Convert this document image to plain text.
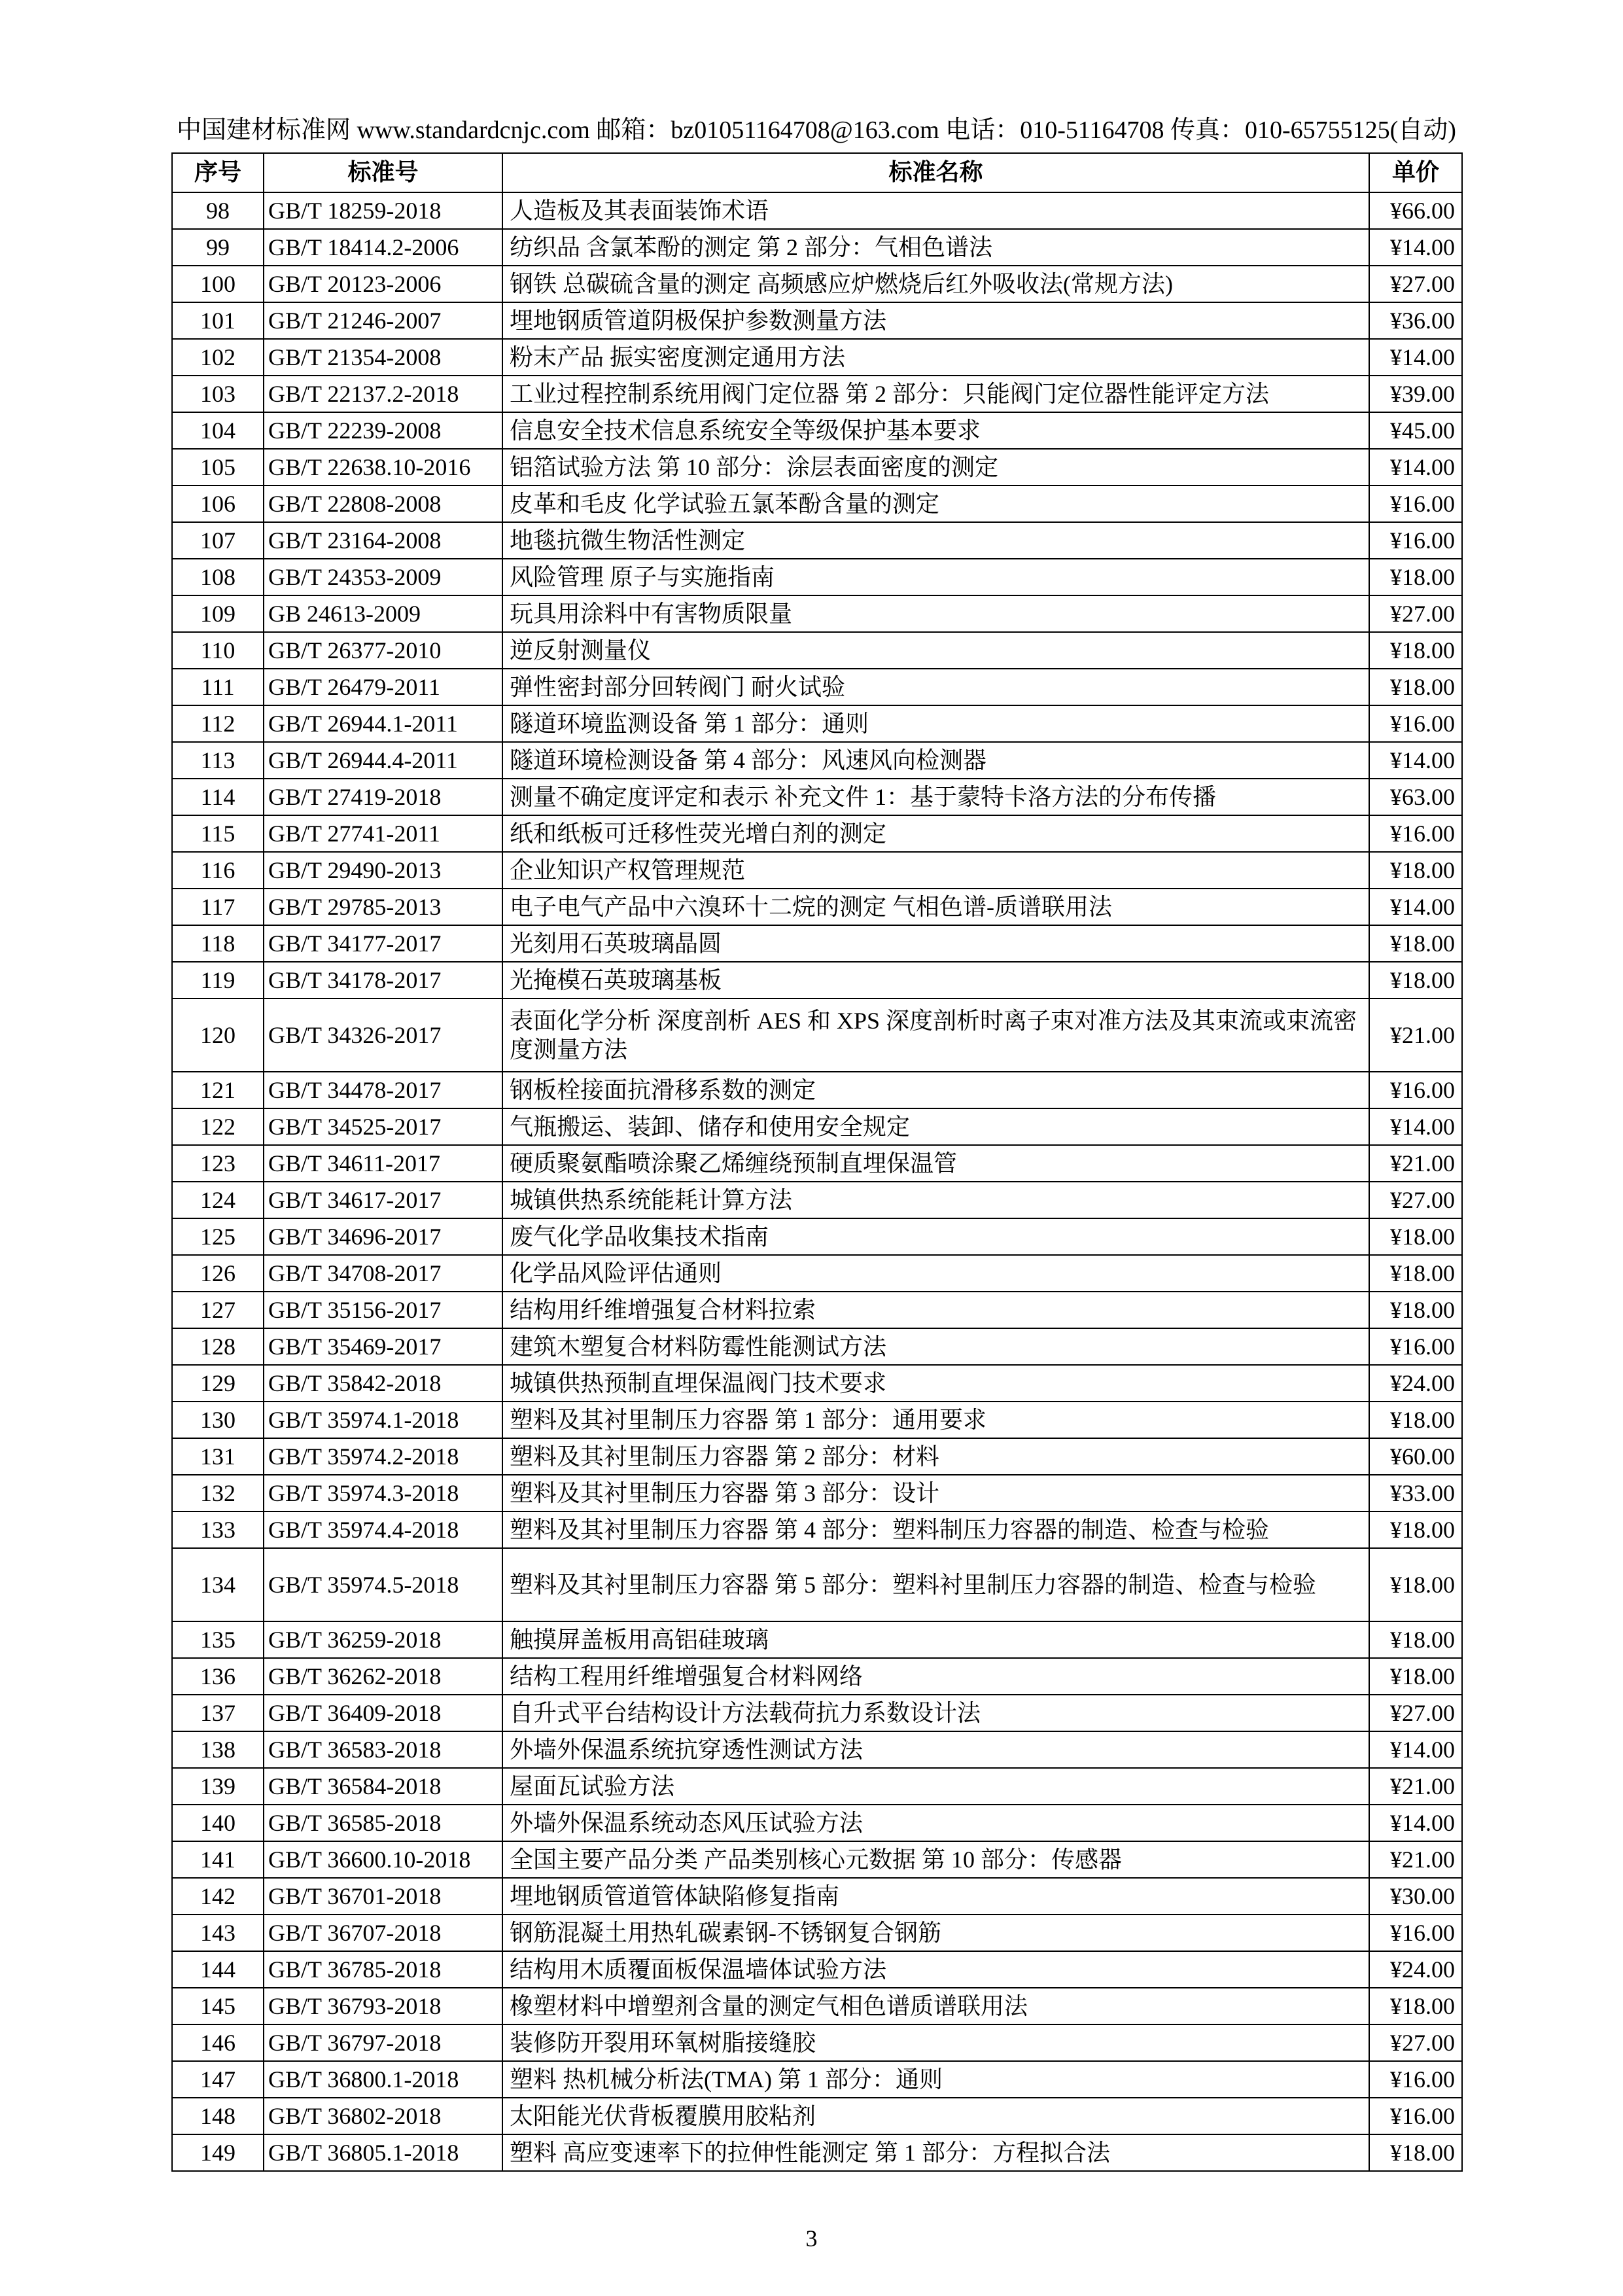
中国建材标准网 www.standardcnjc.com 邮箱：bz01051164708@163.com 电话：010-51164708 传真：010-65755125(自动)
序号	标准号	标准名称	单价
98	GB/T 18259-2018	人造板及其表面装饰术语	¥66.00
99	GB/T 18414.2-2006	纺织品 含氯苯酚的测定 第 2 部分：气相色谱法	¥14.00
100	GB/T 20123-2006	钢铁 总碳硫含量的测定 高频感应炉燃烧后红外吸收法(常规方法)	¥27.00
101	GB/T 21246-2007	埋地钢质管道阴极保护参数测量方法	¥36.00
102	GB/T 21354-2008	粉末产品 振实密度测定通用方法	¥14.00
103	GB/T 22137.2-2018	工业过程控制系统用阀门定位器 第 2 部分：只能阀门定位器性能评定方法	¥39.00
104	GB/T 22239-2008	信息安全技术信息系统安全等级保护基本要求	¥45.00
105	GB/T 22638.10-2016	铝箔试验方法 第 10 部分：涂层表面密度的测定	¥14.00
106	GB/T 22808-2008	皮革和毛皮 化学试验五氯苯酚含量的测定	¥16.00
107	GB/T 23164-2008	地毯抗微生物活性测定	¥16.00
108	GB/T 24353-2009	风险管理 原子与实施指南	¥18.00
109	GB 24613-2009	玩具用涂料中有害物质限量	¥27.00
110	GB/T 26377-2010	逆反射测量仪	¥18.00
111	GB/T 26479-2011	弹性密封部分回转阀门 耐火试验	¥18.00
112	GB/T 26944.1-2011	隧道环境监测设备 第 1 部分：通则	¥16.00
113	GB/T 26944.4-2011	隧道环境检测设备 第 4 部分：风速风向检测器	¥14.00
114	GB/T 27419-2018	测量不确定度评定和表示 补充文件 1：基于蒙特卡洛方法的分布传播	¥63.00
115	GB/T 27741-2011	纸和纸板可迁移性荧光增白剂的测定	¥16.00
116	GB/T 29490-2013	企业知识产权管理规范	¥18.00
117	GB/T 29785-2013	电子电气产品中六溴环十二烷的测定 气相色谱-质谱联用法	¥14.00
118	GB/T 34177-2017	光刻用石英玻璃晶圆	¥18.00
119	GB/T 34178-2017	光掩模石英玻璃基板	¥18.00
120	GB/T 34326-2017	表面化学分析 深度剖析 AES 和 XPS 深度剖析时离子束对准方法及其束流或束流密度测量方法	¥21.00
121	GB/T 34478-2017	钢板栓接面抗滑移系数的测定	¥16.00
122	GB/T 34525-2017	气瓶搬运、装卸、储存和使用安全规定	¥14.00
123	GB/T 34611-2017	硬质聚氨酯喷涂聚乙烯缠绕预制直埋保温管	¥21.00
124	GB/T 34617-2017	城镇供热系统能耗计算方法	¥27.00
125	GB/T 34696-2017	废气化学品收集技术指南	¥18.00
126	GB/T 34708-2017	化学品风险评估通则	¥18.00
127	GB/T 35156-2017	结构用纤维增强复合材料拉索	¥18.00
128	GB/T 35469-2017	建筑木塑复合材料防霉性能测试方法	¥16.00
129	GB/T 35842-2018	城镇供热预制直埋保温阀门技术要求	¥24.00
130	GB/T 35974.1-2018	塑料及其衬里制压力容器 第 1 部分：通用要求	¥18.00
131	GB/T 35974.2-2018	塑料及其衬里制压力容器 第 2 部分：材料	¥60.00
132	GB/T 35974.3-2018	塑料及其衬里制压力容器 第 3 部分：设计	¥33.00
133	GB/T 35974.4-2018	塑料及其衬里制压力容器 第 4 部分：塑料制压力容器的制造、检查与检验	¥18.00
134	GB/T 35974.5-2018	塑料及其衬里制压力容器 第 5 部分：塑料衬里制压力容器的制造、检查与检验	¥18.00
135	GB/T 36259-2018	触摸屏盖板用高铝硅玻璃	¥18.00
136	GB/T 36262-2018	结构工程用纤维增强复合材料网络	¥18.00
137	GB/T 36409-2018	自升式平台结构设计方法载荷抗力系数设计法	¥27.00
138	GB/T 36583-2018	外墙外保温系统抗穿透性测试方法	¥14.00
139	GB/T 36584-2018	屋面瓦试验方法	¥21.00
140	GB/T 36585-2018	外墙外保温系统动态风压试验方法	¥14.00
141	GB/T 36600.10-2018	全国主要产品分类 产品类别核心元数据 第 10 部分：传感器	¥21.00
142	GB/T 36701-2018	埋地钢质管道管体缺陷修复指南	¥30.00
143	GB/T 36707-2018	钢筋混凝土用热轧碳素钢-不锈钢复合钢筋	¥16.00
144	GB/T 36785-2018	结构用木质覆面板保温墙体试验方法	¥24.00
145	GB/T 36793-2018	橡塑材料中增塑剂含量的测定气相色谱质谱联用法	¥18.00
146	GB/T 36797-2018	装修防开裂用环氧树脂接缝胶	¥27.00
147	GB/T 36800.1-2018	塑料 热机械分析法(TMA) 第 1 部分：通则	¥16.00
148	GB/T 36802-2018	太阳能光伏背板覆膜用胶粘剂	¥16.00
149	GB/T 36805.1-2018	塑料 高应变速率下的拉伸性能测定 第 1 部分：方程拟合法	¥18.00
3
